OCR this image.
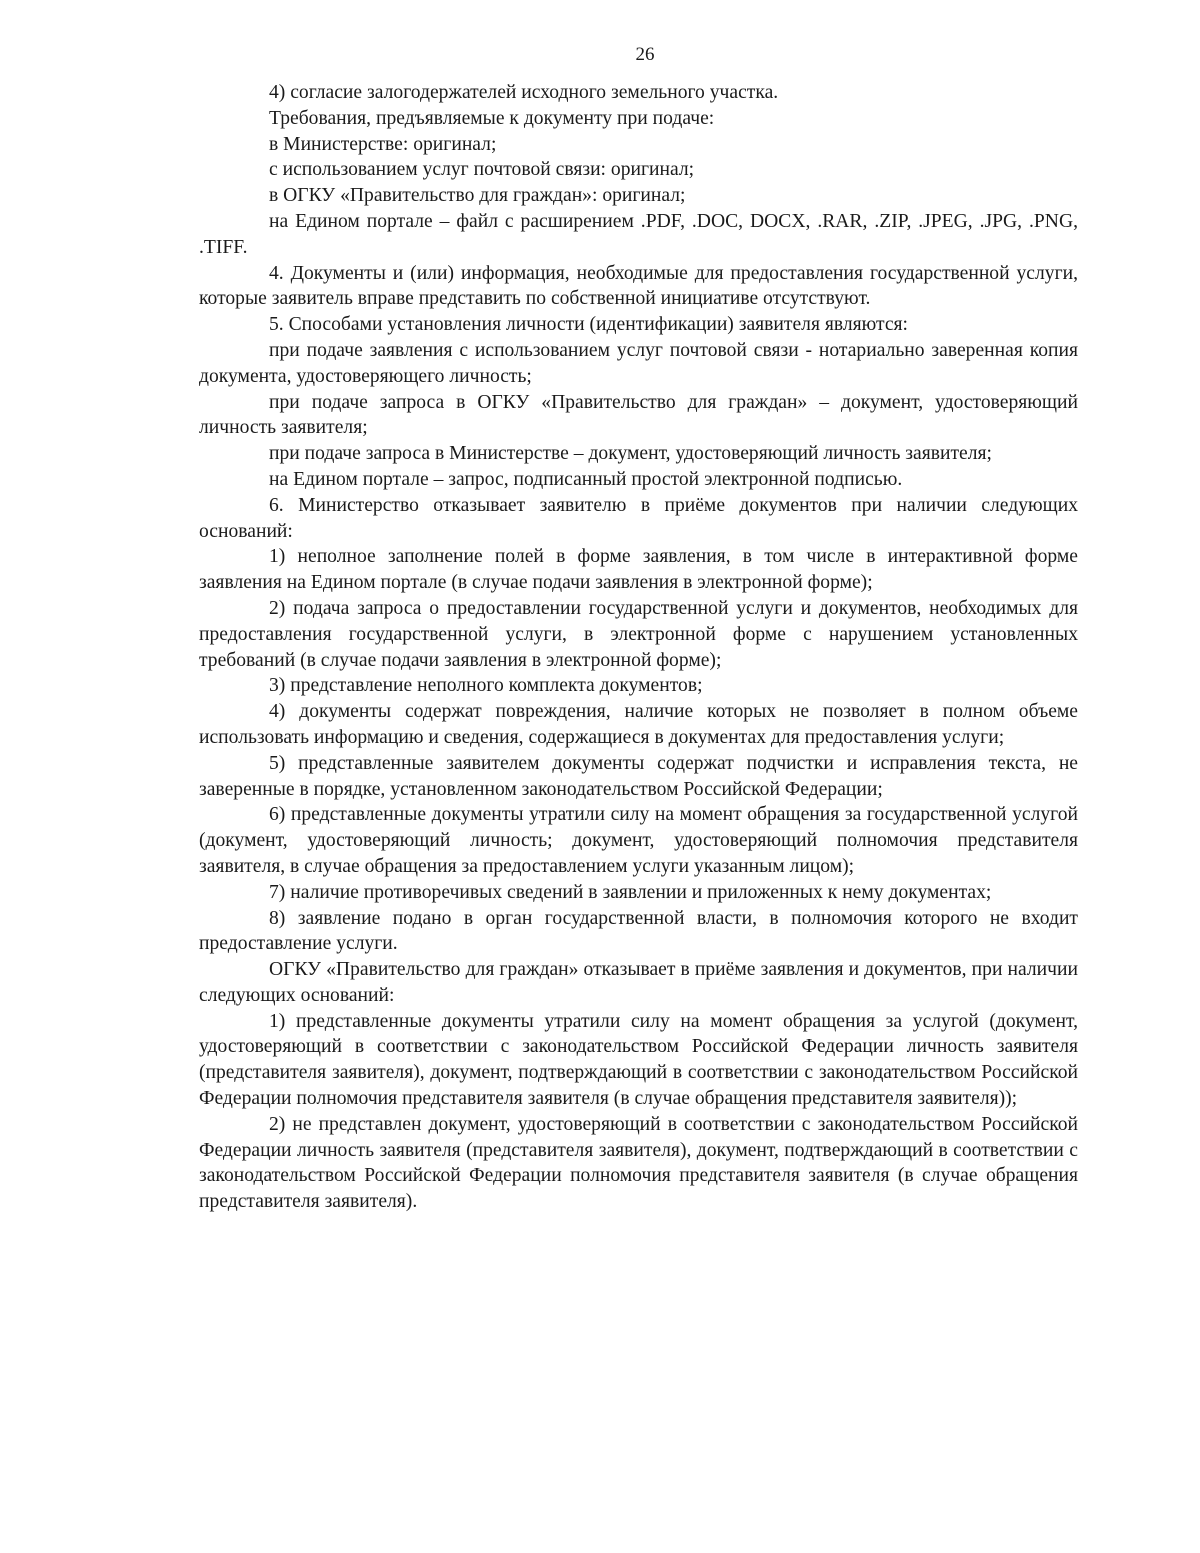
26

4) согласие залогодержателей исходного земельного участка.

Требования, предъявляемые к документу при подаче:

в Министерстве: оригинал;

с использованием услуг почтовой связи: оригинал;

в ОГКУ «Правительство для граждан»: оригинал;

на Едином портале – файл с расширением .PDF, .DOC, DOCX, .RAR, .ZIP, .JPEG, .JPG, .PNG, .TIFF.

4. Документы и (или) информация, необходимые для предоставления государственной услуги, которые заявитель вправе представить по собственной инициативе отсутствуют.

5. Способами установления личности (идентификации) заявителя являются:

при подаче заявления с использованием услуг почтовой связи - нотариально заверенная копия документа, удостоверяющего личность;

при подаче запроса в ОГКУ «Правительство для граждан» – документ, удостоверяющий личность заявителя;

при подаче запроса в Министерстве – документ, удостоверяющий личность заявителя;

на Едином портале – запрос, подписанный простой электронной подписью.

6. Министерство отказывает заявителю в приёме документов при наличии следующих оснований:

1) неполное заполнение полей в форме заявления, в том числе в интерактивной форме заявления на Едином портале (в случае подачи заявления в электронной форме);

2) подача запроса о предоставлении государственной услуги и документов, необходимых для предоставления государственной услуги, в электронной форме с нарушением установленных требований (в случае подачи заявления в электронной форме);

3) представление неполного комплекта документов;

4) документы содержат повреждения, наличие которых не позволяет в полном объеме использовать информацию и сведения, содержащиеся в документах для предоставления услуги;

5) представленные заявителем документы содержат подчистки и исправления текста, не заверенные в порядке, установленном законодательством Российской Федерации;

6) представленные документы утратили силу на момент обращения за государственной услугой (документ, удостоверяющий личность; документ, удостоверяющий полномочия представителя заявителя, в случае обращения за предоставлением услуги указанным лицом);

7) наличие противоречивых сведений в заявлении и приложенных к нему документах;

8) заявление подано в орган государственной власти, в полномочия которого не входит предоставление услуги.

ОГКУ «Правительство для граждан» отказывает в приёме заявления и документов, при наличии следующих оснований:

1) представленные документы утратили силу на момент обращения за услугой (документ, удостоверяющий в соответствии с законодательством Российской Федерации личность заявителя (представителя заявителя), документ, подтверждающий в соответствии с законодательством Российской Федерации полномочия представителя заявителя (в случае обращения представителя заявителя));

2) не представлен документ, удостоверяющий в соответствии с законодательством Российской Федерации личность заявителя (представителя заявителя), документ, подтверждающий в соответствии с законодательством Российской Федерации полномочия представителя заявителя (в случае обращения представителя заявителя).
